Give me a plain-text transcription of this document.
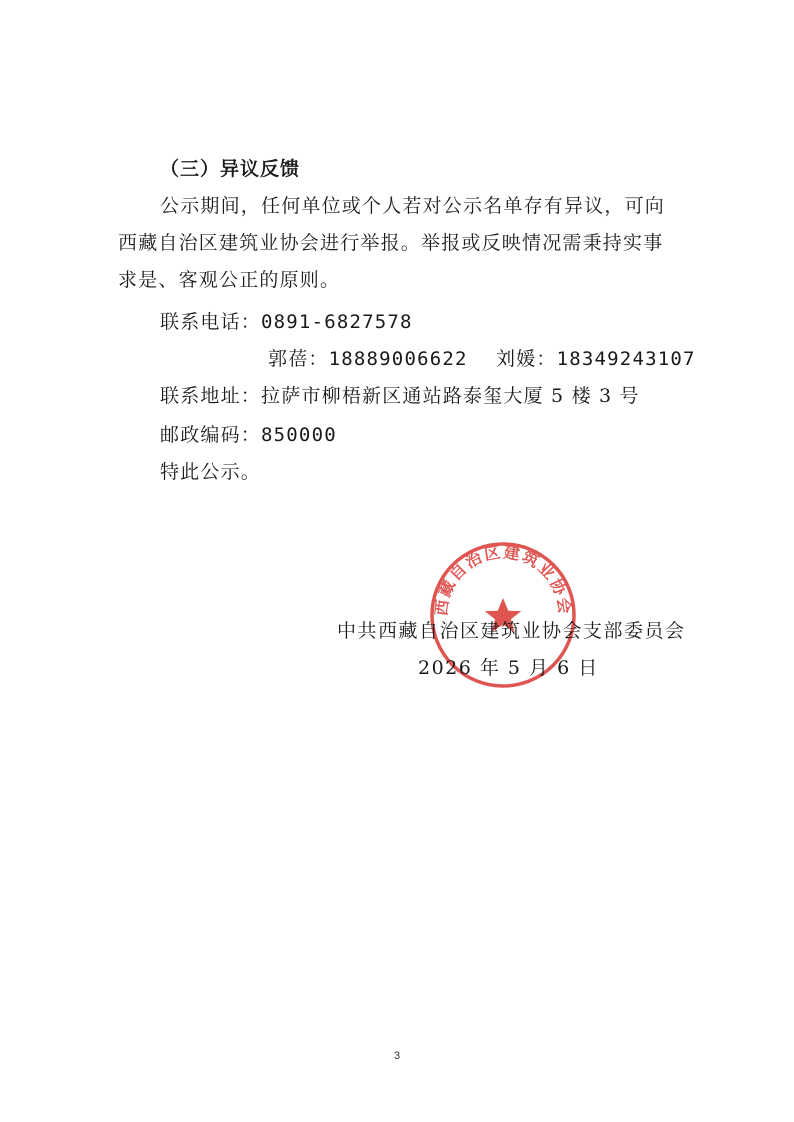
（三）异议反馈
公示期间，任何单位或个人若对公示名单存有异议，可向
西藏自治区建筑业协会进行举报。举报或反映情况需秉持实事
求是、客观公正的原则。
联系电话：0891-6827578
郭蓓：18889006622 刘媛：18349243107
联系地址：拉萨市柳梧新区通站路泰玺大厦 5 楼 3 号
邮政编码：850000
特此公示。
西藏自治区建筑业协会
中共西藏自治区建筑业协会支部委员会
2026 年 5 月 6 日
3
